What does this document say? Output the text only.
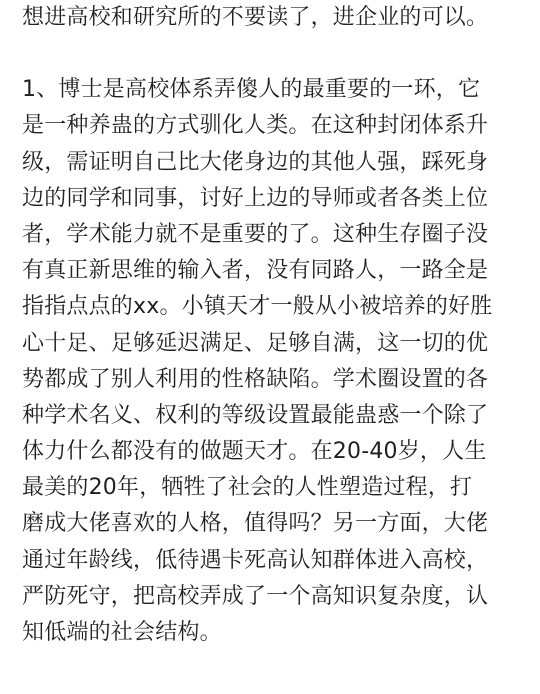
想进高校和研究所的不要读了，进企业的可以。
1、博士是高校体系弄傻人的最重要的一环，它
是一种养蛊的方式驯化人类。在这种封闭体系升
级，需证明自己比大佬身边的其他人强，踩死身
边的同学和同事，讨好上边的导师或者各类上位
者，学术能力就不是重要的了。这种生存圈子没
有真正新思维的输入者，没有同路人，一路全是
指指点点的xx。小镇天才一般从小被培养的好胜
心十足、足够延迟满足、足够自满，这一切的优
势都成了别人利用的性格缺陷。学术圈设置的各
种学术名义、权利的等级设置最能蛊惑一个除了
体力什么都没有的做题天才。在20-40岁，人生
最美的20年，牺牲了社会的人性塑造过程，打
磨成大佬喜欢的人格，值得吗？另一方面，大佬
通过年龄线，低待遇卡死高认知群体进入高校，
严防死守，把高校弄成了一个高知识复杂度，认
知低端的社会结构。
